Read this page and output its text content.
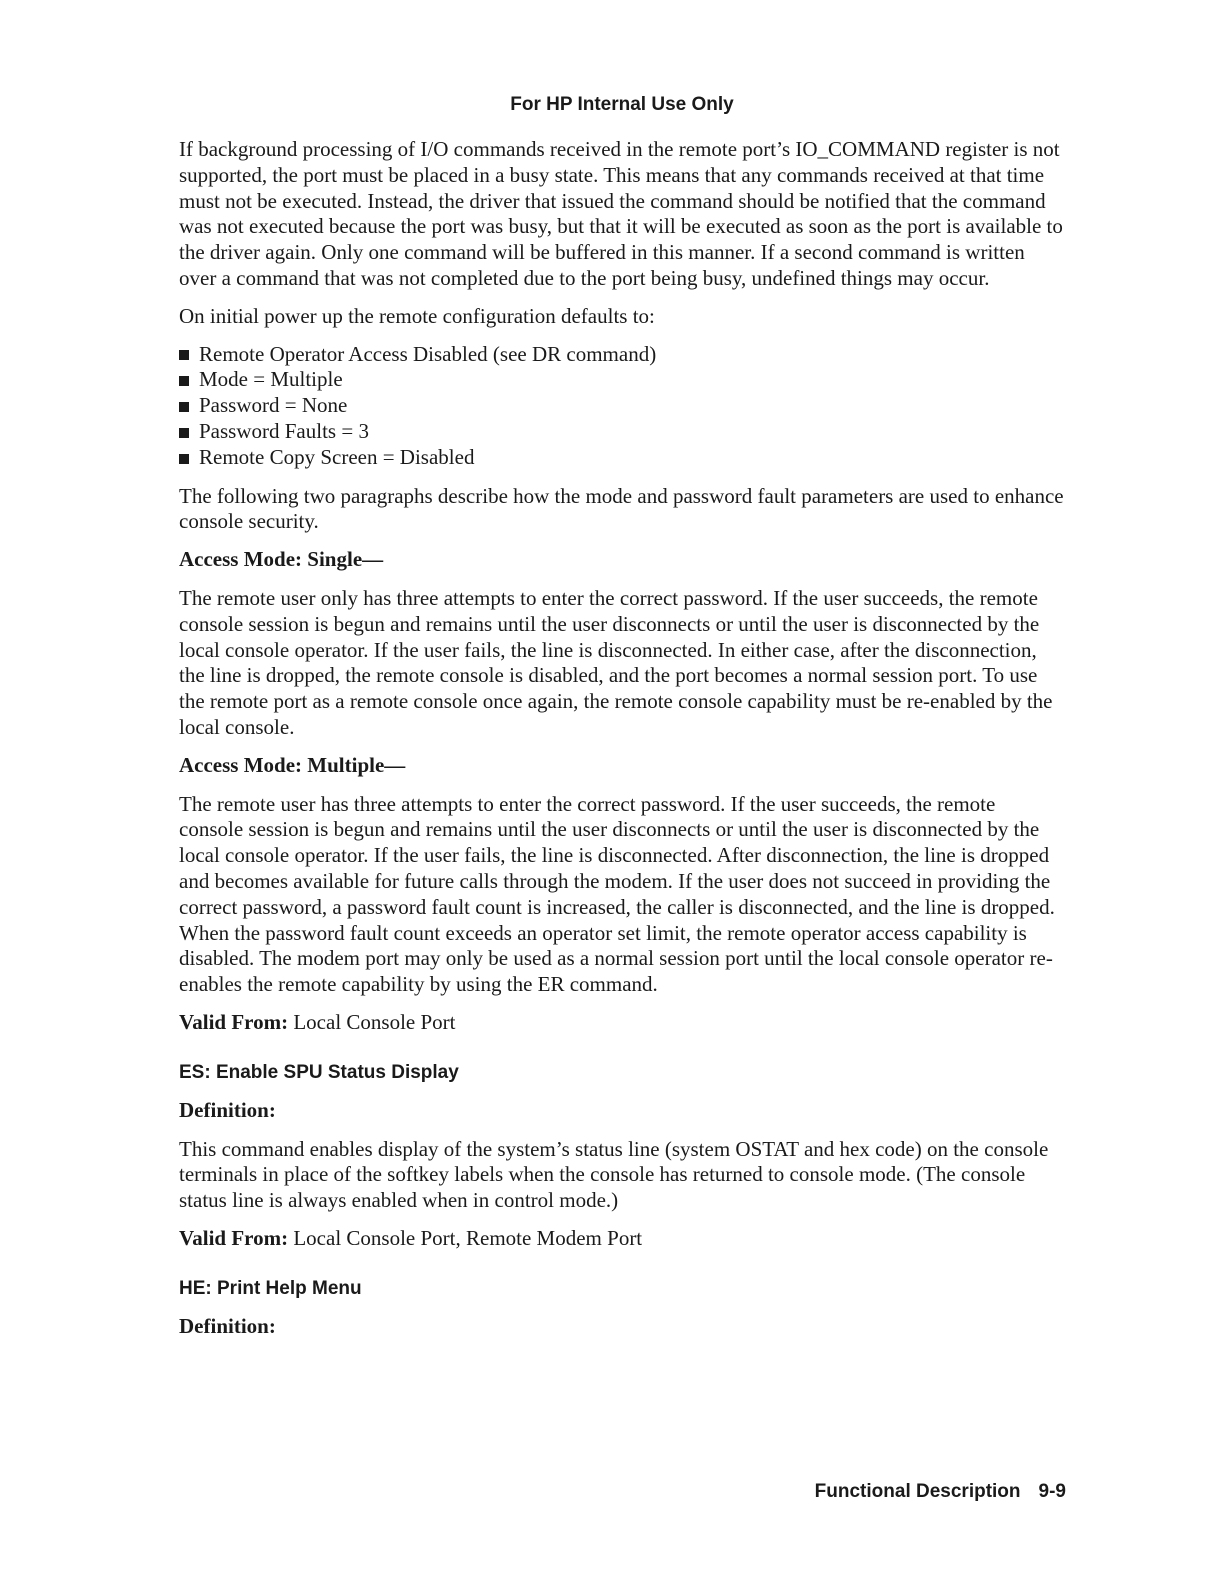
For HP Internal Use Only

If background processing of I/O commands received in the remote port’s IO_COMMAND register is not supported, the port must be placed in a busy state. This means that any commands received at that time must not be executed. Instead, the driver that issued the command should be notified that the command was not executed because the port was busy, but that it will be executed as soon as the port is available to the driver again. Only one command will be buffered in this manner. If a second command is written over a command that was not completed due to the port being busy, undefined things may occur.

On initial power up the remote configuration defaults to:

Remote Operator Access Disabled (see DR command)
Mode = Multiple
Password = None
Password Faults = 3
Remote Copy Screen = Disabled

The following two paragraphs describe how the mode and password fault parameters are used to enhance console security.

Access Mode: Single—

The remote user only has three attempts to enter the correct password. If the user succeeds, the remote console session is begun and remains until the user disconnects or until the user is disconnected by the local console operator. If the user fails, the line is disconnected. In either case, after the disconnection, the line is dropped, the remote console is disabled, and the port becomes a normal session port. To use the remote port as a remote console once again, the remote console capability must be re-enabled by the local console.

Access Mode: Multiple—

The remote user has three attempts to enter the correct password. If the user succeeds, the remote console session is begun and remains until the user disconnects or until the user is disconnected by the local console operator. If the user fails, the line is disconnected. After disconnection, the line is dropped and becomes available for future calls through the modem. If the user does not succeed in providing the correct password, a password fault count is increased, the caller is disconnected, and the line is dropped. When the password fault count exceeds an operator set limit, the remote operator access capability is disabled. The modem port may only be used as a normal session port until the local console operator re-enables the remote capability by using the ER command.

Valid From: Local Console Port

ES: Enable SPU Status Display

Definition:

This command enables display of the system’s status line (system OSTAT and hex code) on the console terminals in place of the softkey labels when the console has returned to console mode. (The console status line is always enabled when in control mode.)

Valid From: Local Console Port, Remote Modem Port

HE: Print Help Menu

Definition:

Functional Description 9-9
